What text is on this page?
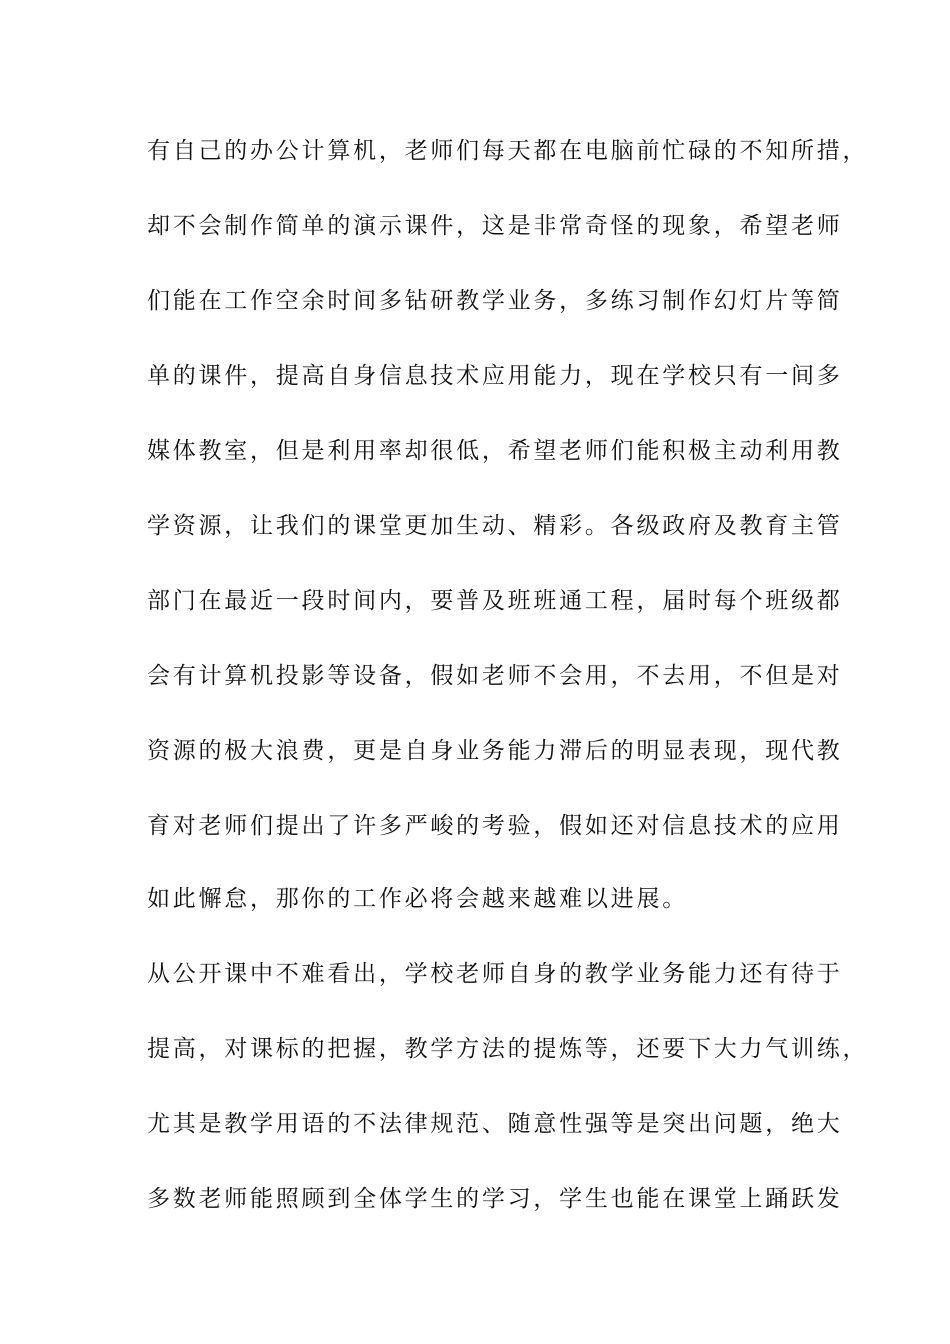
有自己的办公计算机，老师们每天都在电脑前忙碌的不知所措，
却不会制作简单的演示课件，这是非常奇怪的现象，希望老师
们能在工作空余时间多钻研教学业务，多练习制作幻灯片等简
单的课件，提高自身信息技术应用能力，现在学校只有一间多
媒体教室，但是利用率却很低，希望老师们能积极主动利用教
学资源，让我们的课堂更加生动、精彩。各级政府及教育主管
部门在最近一段时间内，要普及班班通工程，届时每个班级都
会有计算机投影等设备，假如老师不会用，不去用，不但是对
资源的极大浪费，更是自身业务能力滞后的明显表现，现代教
育对老师们提出了许多严峻的考验，假如还对信息技术的应用
如此懈怠，那你的工作必将会越来越难以进展。
从公开课中不难看出，学校老师自身的教学业务能力还有待于
提高，对课标的把握，教学方法的提炼等，还要下大力气训练，
尤其是教学用语的不法律规范、随意性强等是突出问题，绝大
多数老师能照顾到全体学生的学习，学生也能在课堂上踊跃发
